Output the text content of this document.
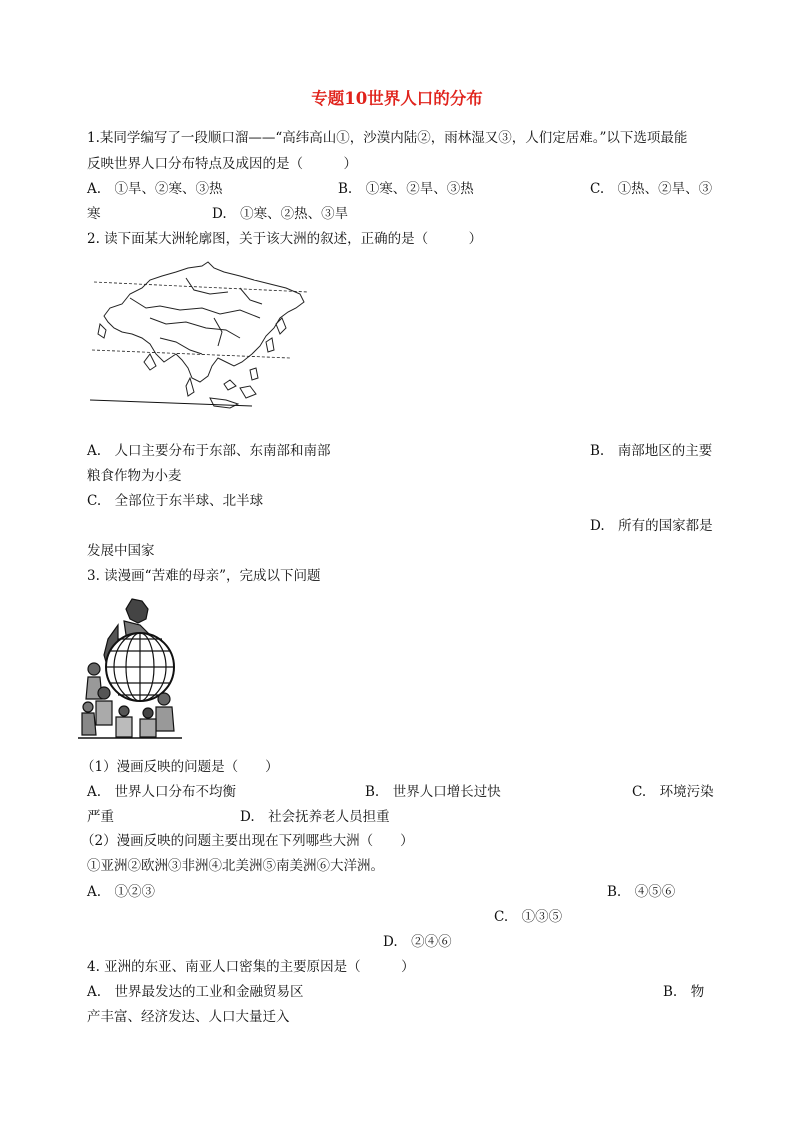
专题10世界人口的分布
1.某同学编写了一段顺口溜——“高纬高山①，沙漠内陆②，雨林湿又③，人们定居难。”以下选项最能
反映世界人口分布特点及成因的是（　　　）
A.　①旱、②寒、③热	B.　①寒、②旱、③热	C.　①热、②旱、③
寒	D.　①寒、②热、③旱
2. 读下面某大洲轮廓图，关于该大洲的叙述，正确的是（　　　）
A.　人口主要分布于东部、东南部和南部	B.　南部地区的主要
粮食作物为小麦
C.　全部位于东半球、北半球
D.　所有的国家都是
发展中国家
3. 读漫画“苦难的母亲”，完成以下问题
（1）漫画反映的问题是（　　）
A.　世界人口分布不均衡	B.　世界人口增长过快	C.　环境污染
严重	D.　社会抚养老人员担重
（2）漫画反映的问题主要出现在下列哪些大洲（　　）
①亚洲②欧洲③非洲④北美洲⑤南美洲⑥大洋洲。
A.　①②③	B.　④⑤⑥
C.　①③⑤
D.　②④⑥
4. 亚洲的东亚、南亚人口密集的主要原因是（　　　）
A.　世界最发达的工业和金融贸易区	B.　物
产丰富、经济发达、人口大量迁入
